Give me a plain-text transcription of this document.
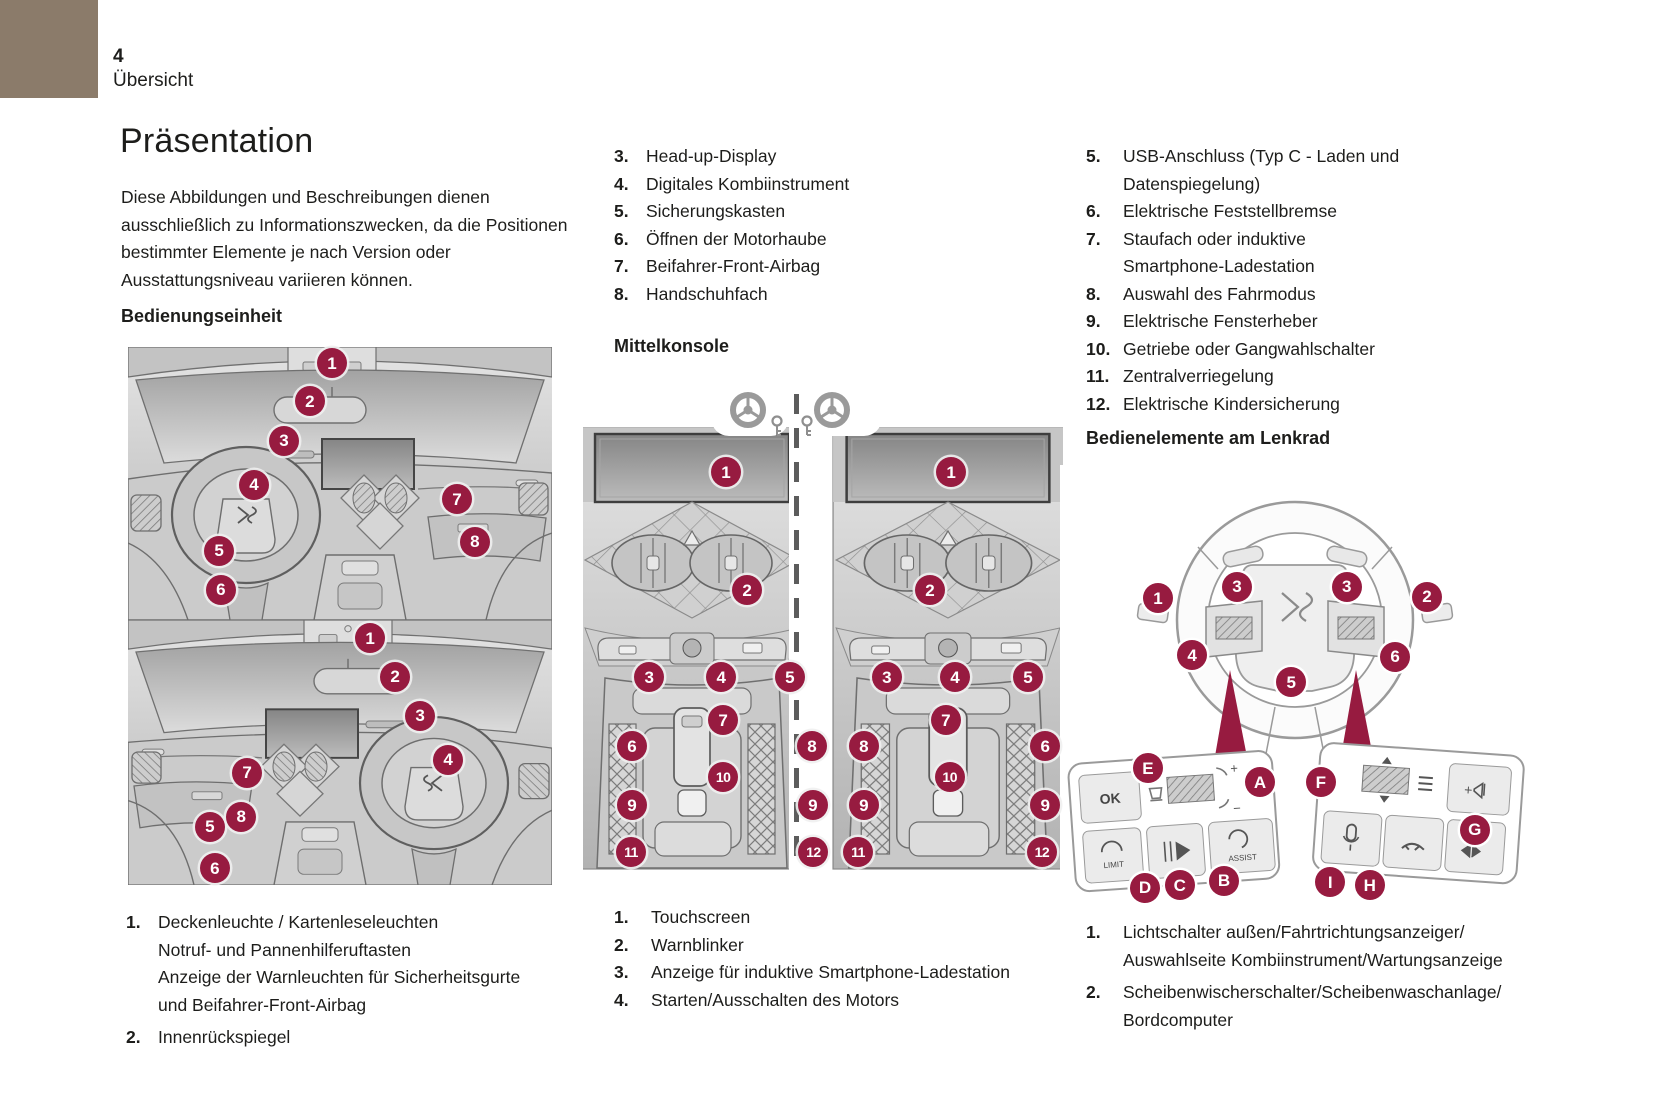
4
Übersicht
Präsentation
Diese Abbildungen und Beschreibungen dienen ausschließlich zu Informationszwecken, da die Positionen bestimmter Elemente je nach Version oder Ausstattungsniveau variieren können.
Bedienungseinheit
Mittelkonsole
Bedienelemente am Lenkrad
1
2
3
4
5
6
7
8
1
2
3
4
5
6
7
8
1
2
3	4	5
6
7
8
10
9	9
11	12
1
2
3	4	5
8
7
6
10
9	9
11	12
OK
+
−
LIMIT
ASSIST
+
1
3	3
2
4	6
5
E
A	F
G
D	C	B	I	H
3. Head-up-Display
4. Digitales Kombiinstrument
5. Sicherungskasten
6. Öffnen der Motorhaube
7. Beifahrer-Front-Airbag
8. Handschuhfach
5.	USB-Anschluss (Typ C - Laden und
Datenspiegelung)
6.	Elektrische Feststellbremse
7.	Staufach oder induktive
Smartphone-Ladestation
8.	Auswahl des Fahrmodus
9.	Elektrische Fensterheber
10. Getriebe oder Gangwahlschalter
11. Zentralverriegelung
12. Elektrische Kindersicherung
1. Deckenleuchte / Kartenleseleuchten
Notruf- und Pannenhilferuftasten
Anzeige der Warnleuchten für Sicherheitsgurte
und Beifahrer-Front-Airbag
2. Innenrückspiegel
1.	Touchscreen
2.	Warnblinker
3.	Anzeige für induktive Smartphone-Ladestation
4.	Starten/Ausschalten des Motors
1.	Lichtschalter außen/Fahrtrichtungsanzeiger/
Auswahlseite Kombiinstrument/Wartungsanzeige
2.	Scheibenwischerschalter/Scheibenwaschanlage/
Bordcomputer
